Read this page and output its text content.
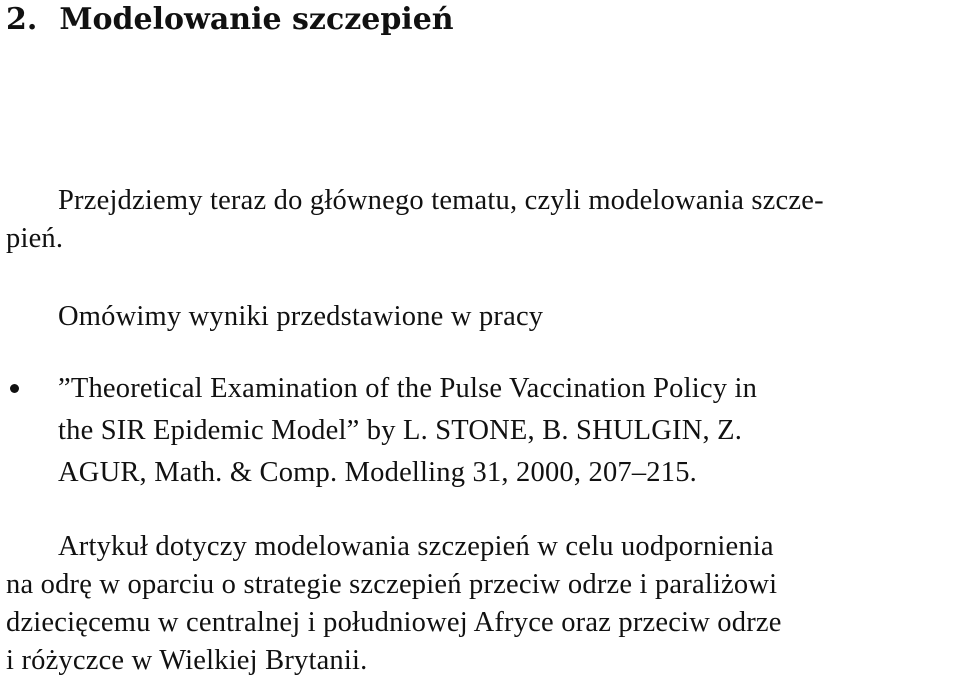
2. Modelowanie szczepień
Przejdziemy teraz do głównego tematu, czyli modelowania szcze-
pień.
Omówimy wyniki przedstawione w pracy
”Theoretical Examination of the Pulse Vaccination Policy in
the SIR Epidemic Model” by L. STONE, B. SHULGIN, Z.
AGUR, Math. & Comp. Modelling 31, 2000, 207–215.
Artykuł dotyczy modelowania szczepień w celu uodpornienia
na odrę w oparciu o strategie szczepień przeciw odrze i paraliżowi
dziecięcemu w centralnej i południowej Afryce oraz przeciw odrze
i różyczce w Wielkiej Brytanii.
